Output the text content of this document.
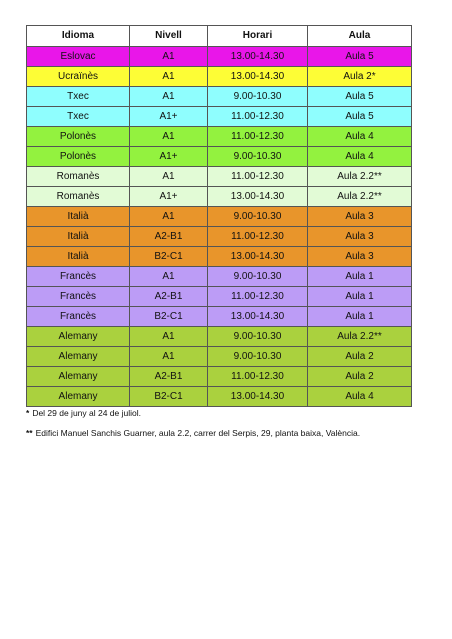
Idioma	Nivell	Horari	Aula
Eslovac	A1	13.00-14.30	Aula 5
Ucraïnès	A1	13.00-14.30	Aula 2*
Txec	A1	9.00-10.30	Aula 5
Txec	A1+	11.00-12.30	Aula 5
Polonès	A1	11.00-12.30	Aula 4
Polonès	A1+	9.00-10.30	Aula 4
Romanès	A1	11.00-12.30	Aula 2.2**
Romanès	A1+	13.00-14.30	Aula 2.2**
Italià	A1	9.00-10.30	Aula 3
Italià	A2-B1	11.00-12.30	Aula 3
Italià	B2-C1	13.00-14.30	Aula 3
Francès	A1	9.00-10.30	Aula 1
Francès	A2-B1	11.00-12.30	Aula 1
Francès	B2-C1	13.00-14.30	Aula 1
Alemany	A1	9.00-10.30	Aula 2.2**
Alemany	A1	9.00-10.30	Aula 2
Alemany	A2-B1	11.00-12.30	Aula 2
Alemany	B2-C1	13.00-14.30	Aula 4
* Del 29 de juny al 24 de juliol.
** Edifici Manuel Sanchis Guarner, aula 2.2, carrer del Serpis, 29, planta baixa, València.
